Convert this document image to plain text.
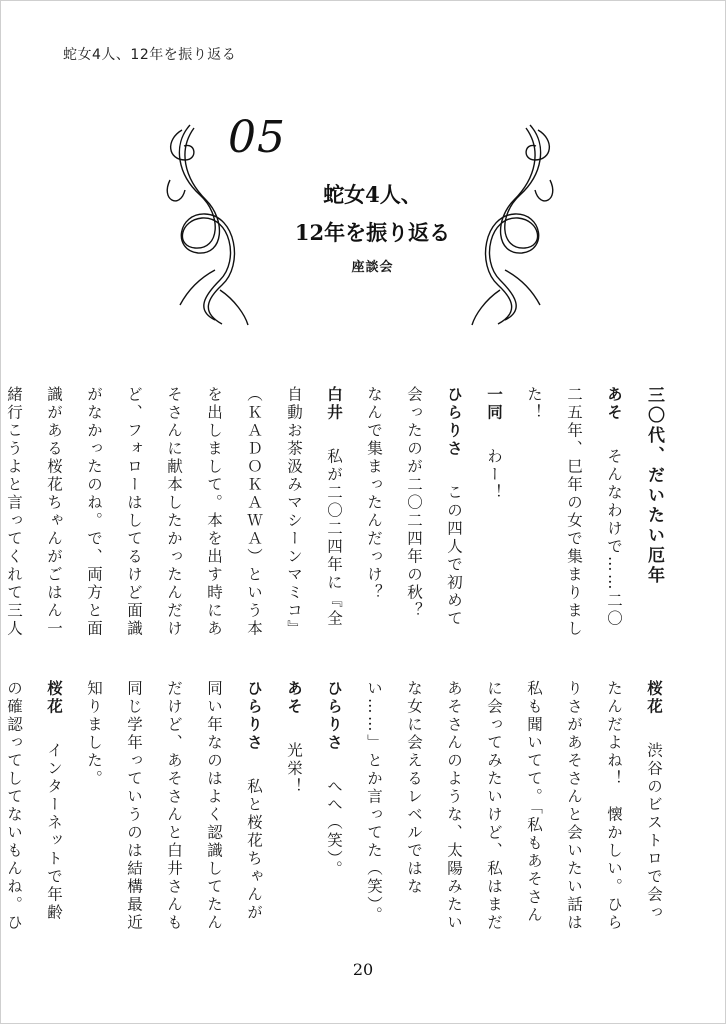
蛇女4人、12年を振り返る
05
蛇女4人、
12年を振り返る
座談会

三〇代、だいたい厄年

あそ　そんなわけで……二〇二五年、巳年の女で集まりました！

一同　わー！

ひらりさ　この四人で初めて会ったのが二〇二四年の秋？　なんで集まったんだっけ？

白井　私が二〇二四年に『全自動お茶汲みマシーンマミコ』（ＫＡＤＯＫＡＷＡ）という本を出しまして。本を出す時にあそさんに献本したかったんだけど、フォローはしてるけど面識がなかったのね。で、両方と面識がある桜花ちゃんがごはん一緒行こうよと言ってくれて三人

桜花　渋谷のビストロで会ったんだよね！　懐かしい。ひらりさがあそさんと会いたい話は私も聞いてて。「私もあそさんに会ってみたいけど、私はまだあそさんのような、太陽みたいな女に会えるレベルではない……」とか言ってた（笑）。

ひらりさ　へへ（笑）。

あそ　光栄！

ひらりさ　私と桜花ちゃんが同い年なのはよく認識してたんだけど、あそさんと白井さんも同じ学年っていうのは結構最近知りました。

桜花　インターネットで年齢の確認ってしてないもんね。ひ

20
